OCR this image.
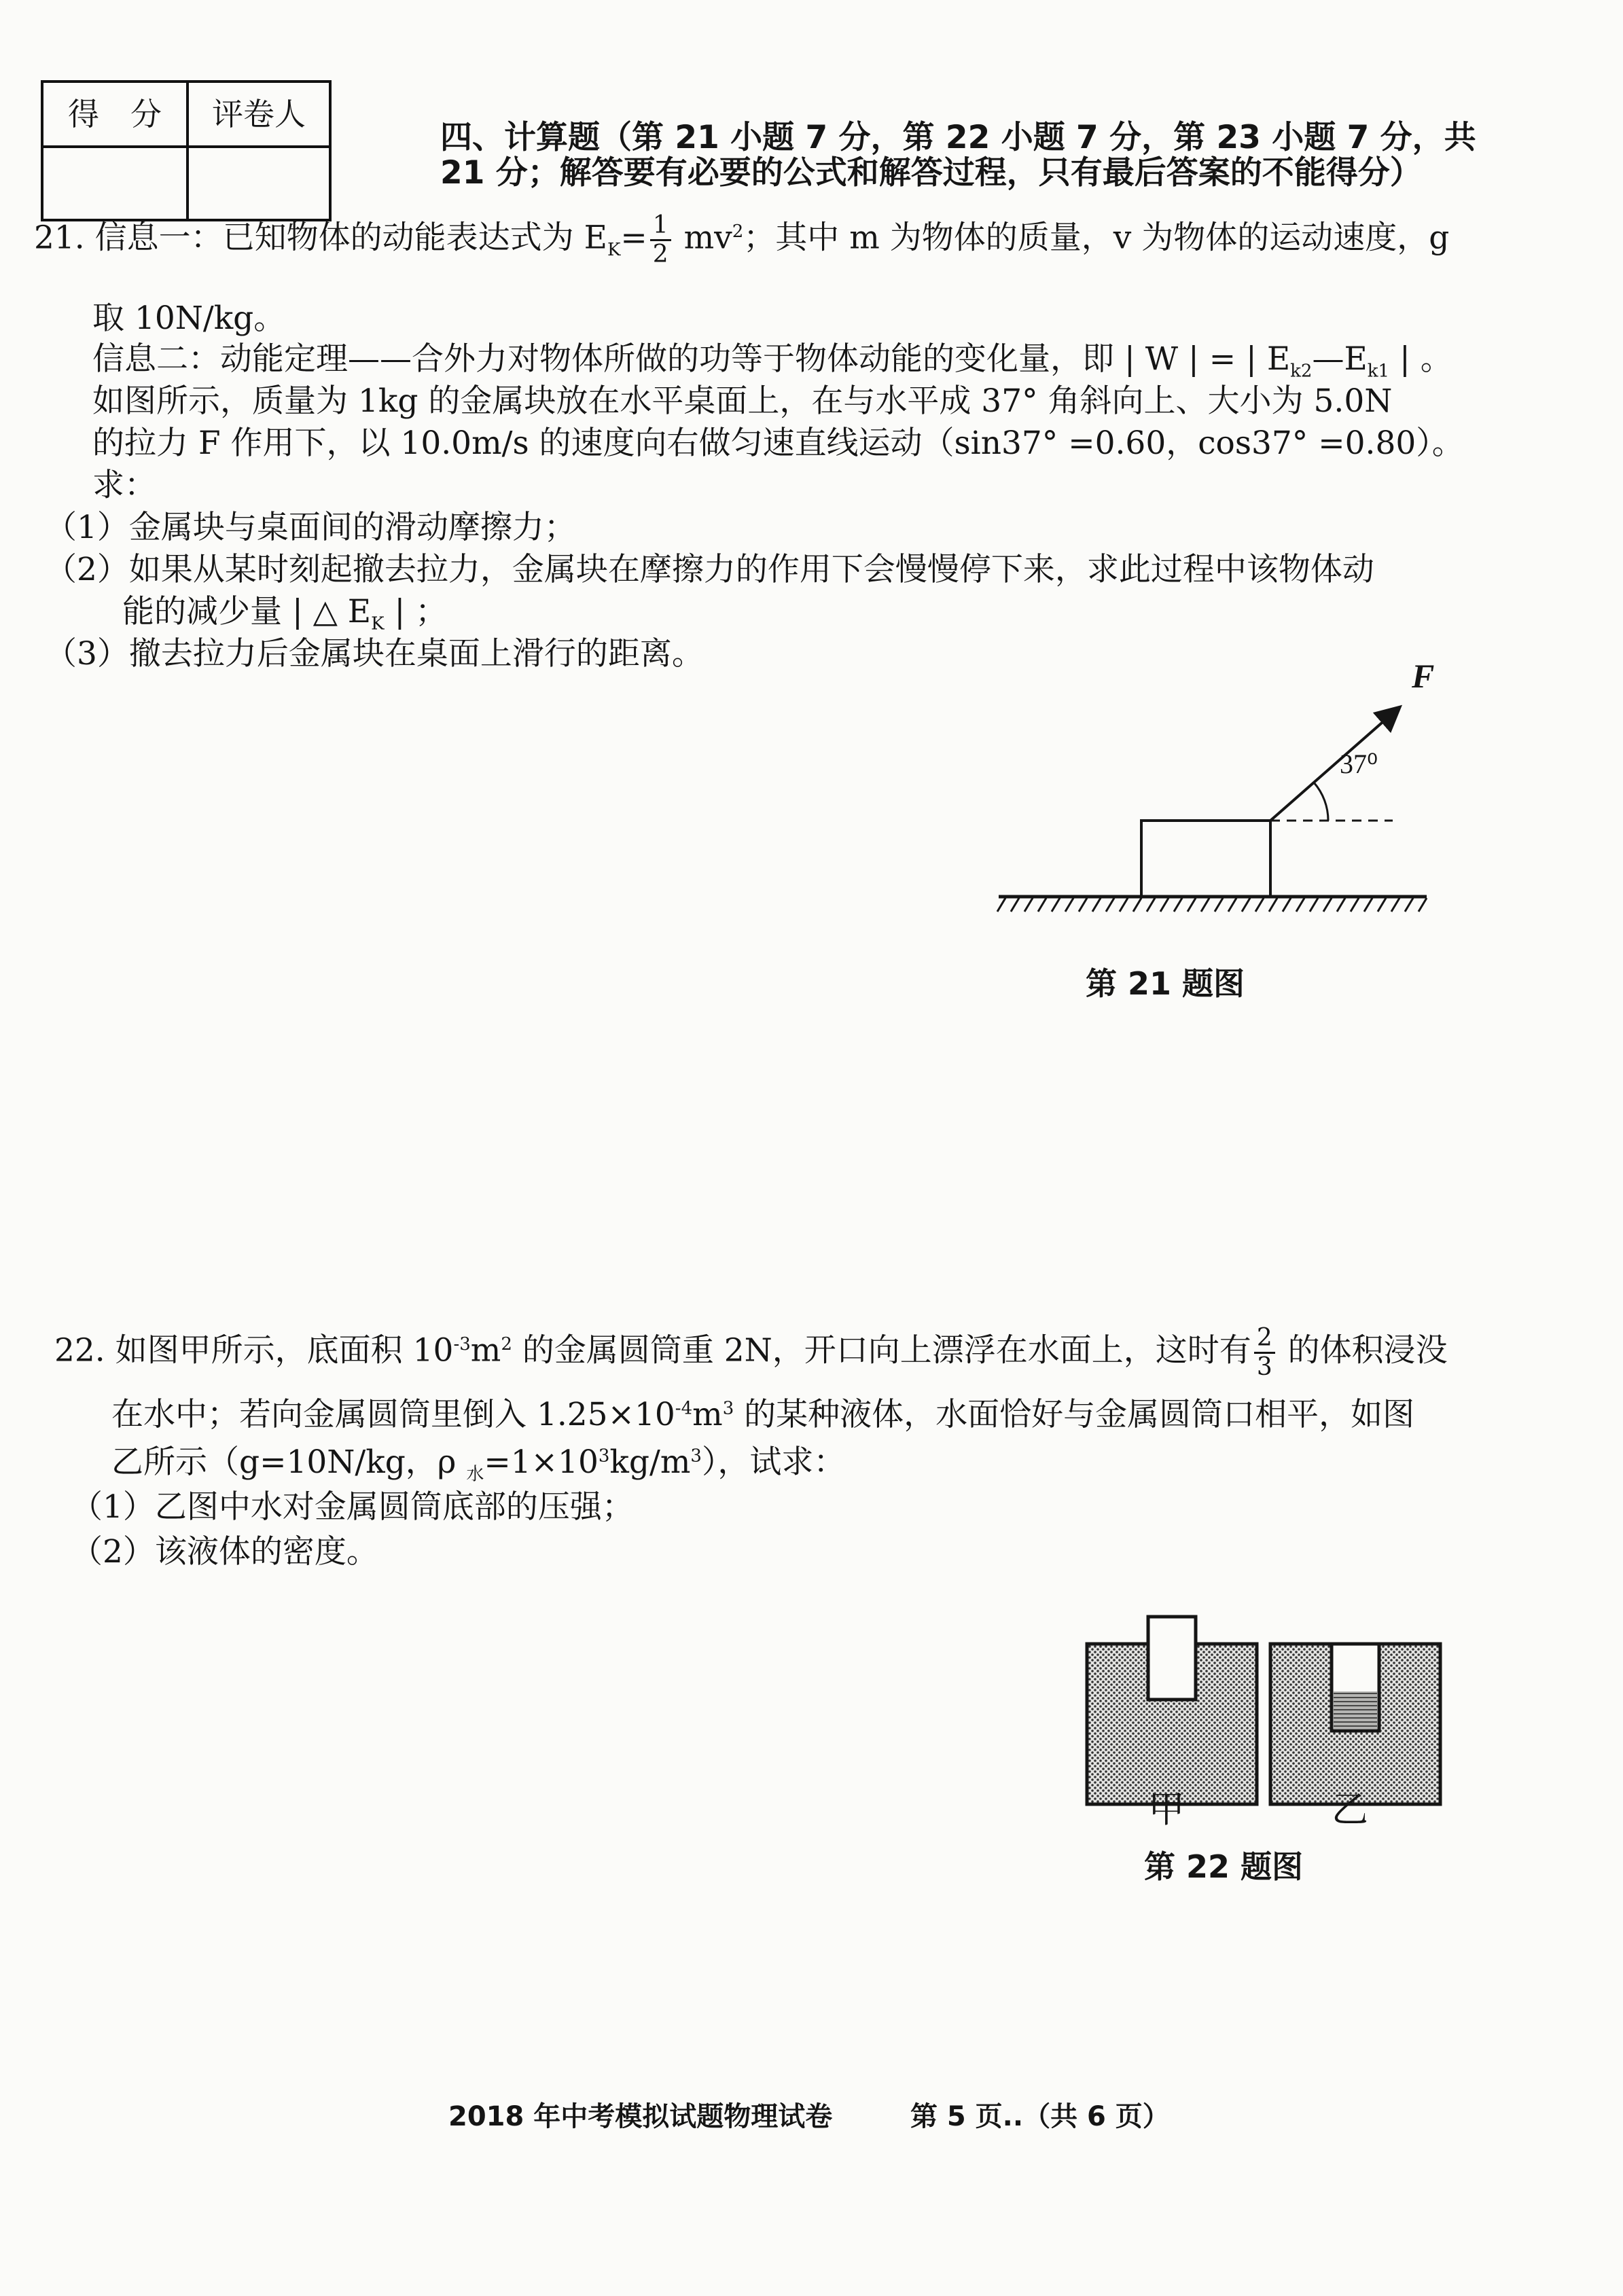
得　分	评卷人
四、计算题（第 21 小题 7 分，第 22 小题 7 分，第 23 小题 7 分，共
21 分；解答要有必要的公式和解答过程，只有最后答案的不能得分）
21. 信息一：已知物体的动能表达式为 $E_K= \frac{1}{2} mv^2$；其中 m 为物体的质量，v 为物体的运动速度，g
取 10N/kg。
信息二：动能定理——合外力对物体所做的功等于物体动能的变化量，即 | W | = | $E_{k2}—E_{k1}$ | 。
如图所示，质量为 1kg 的金属块放在水平桌面上，在与水平成 37° 角斜向上、大小为 5.0N
的拉力 F 作用下，以 10.0m/s 的速度向右做匀速直线运动（sin37° =0.60，cos37° =0.80）。
求：
（1）金属块与桌面间的滑动摩擦力；
（2）如果从某时刻起撤去拉力，金属块在摩擦力的作用下会慢慢停下来，求此过程中该物体动
能的减少量 | △ $E_K$ | ；
（3）撤去拉力后金属块在桌面上滑行的距离。
F
37⁰
第 21 题图
22. 如图甲所示，底面积 $10^{-3}m^2$ 的金属圆筒重 2N，开口向上漂浮在水面上，这时有 $\frac{2}{3}$ 的体积浸没
在水中；若向金属圆筒里倒入 $1.25\times 10^{-4}m^3$ 的某种液体，水面恰好与金属圆筒口相平，如图
乙所示（g=10N/kg，ρ $_水=1\times 10^3kg/m^3$），试求：
（1）乙图中水对金属圆筒底部的压强；
（2）该液体的密度。
甲	乙
第 22 题图
2018 年中考模拟试题物理试卷	第 5 页..（共 6 页）
